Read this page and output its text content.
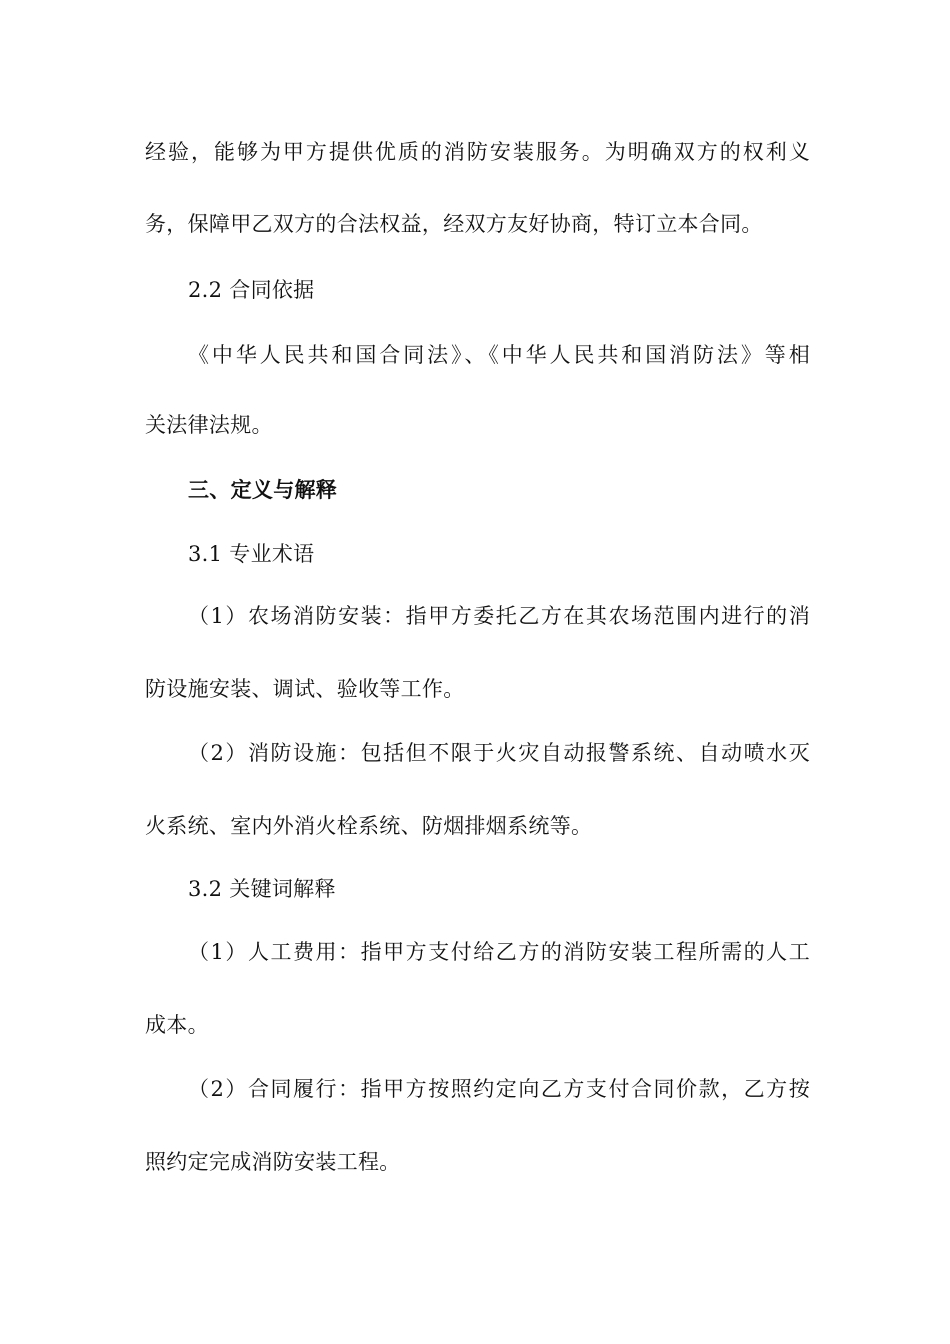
经验，能够为甲方提供优质的消防安装服务。为明确双方的权利义
务，保障甲乙双方的合法权益，经双方友好协商，特订立本合同。
2.2 合同依据
《中华人民共和国合同法》、《中华人民共和国消防法》等相
关法律法规。
三、定义与解释
3.1 专业术语
（1）农场消防安装：指甲方委托乙方在其农场范围内进行的消
防设施安装、调试、验收等工作。
（2）消防设施：包括但不限于火灾自动报警系统、自动喷水灭
火系统、室内外消火栓系统、防烟排烟系统等。
3.2 关键词解释
（1）人工费用：指甲方支付给乙方的消防安装工程所需的人工
成本。
（2）合同履行：指甲方按照约定向乙方支付合同价款，乙方按
照约定完成消防安装工程。
